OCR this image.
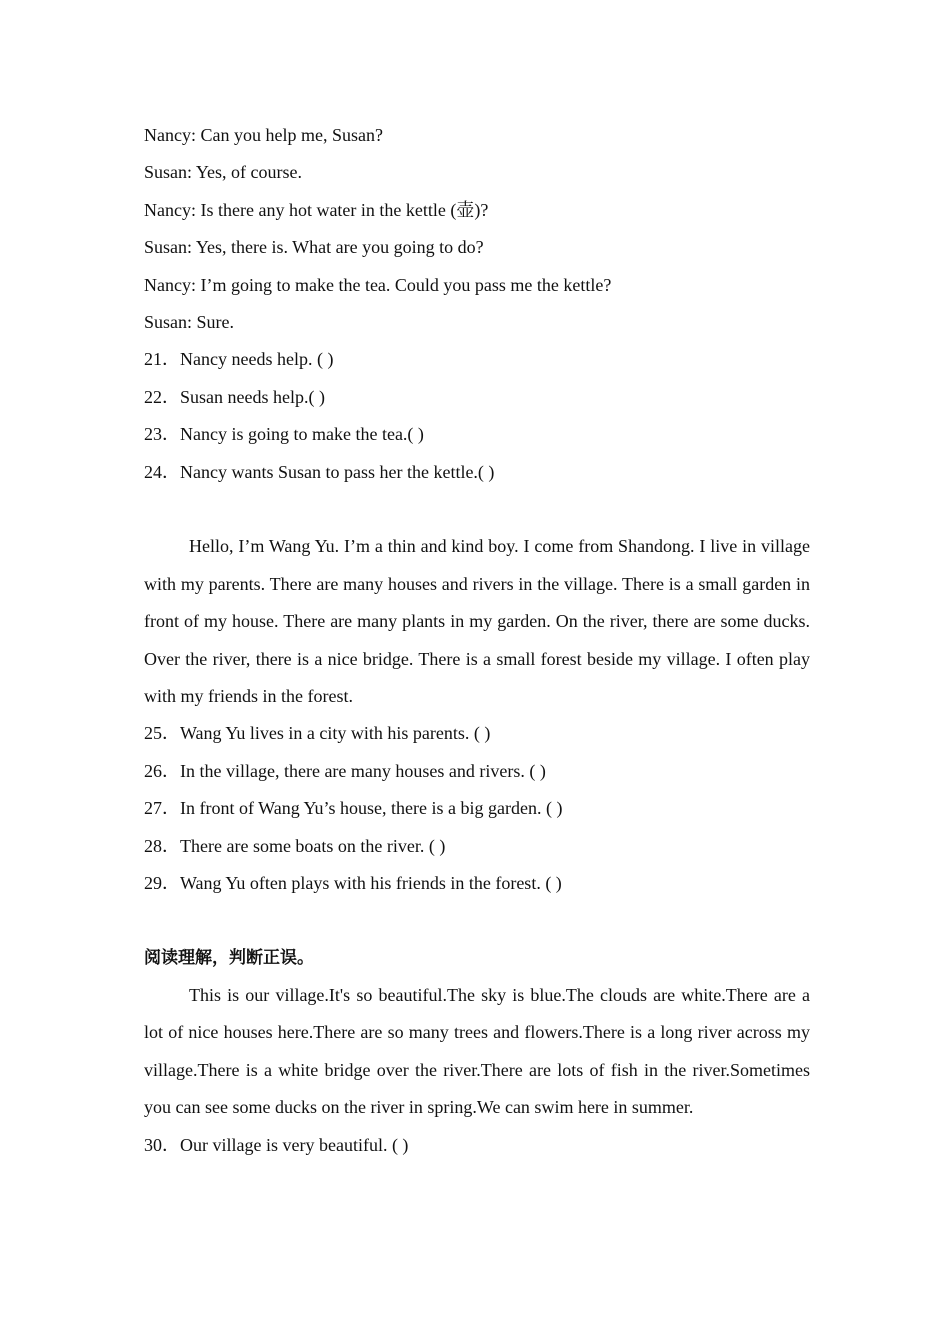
Nancy: Can you help me, Susan?
Susan: Yes, of course.
Nancy: Is there any hot water in the kettle (壶)?
Susan: Yes, there is. What are you going to do?
Nancy: I’m going to make the tea. Could you pass me the kettle?
Susan: Sure.
21．Nancy needs help. ( )
22．Susan needs help.( )
23．Nancy is going to make the tea.( )
24．Nancy wants Susan to pass her the kettle.( )

Hello, I’m Wang Yu. I’m a thin and kind boy. I come from Shandong. I live in village with my parents. There are many houses and rivers in the village. There is a small garden in front of my house. There are many plants in my garden. On the river, there are some ducks. Over the river, there is a nice bridge. There is a small forest beside my village. I often play with my friends in the forest.

25．Wang Yu lives in a city with his parents. ( )
26．In the village, there are many houses and rivers. ( )
27．In front of Wang Yu’s house, there is a big garden. ( )
28．There are some boats on the river. ( )
29．Wang Yu often plays with his friends in the forest. ( )
阅读理解，判断正误。

This is our village.It's so beautiful.The sky is blue.The clouds are white.There are a lot of nice houses here.There are so many trees and flowers.There is a long river across my village.There is a white bridge over the river.There are lots of fish in the river.Sometimes you can see some ducks on the river in spring.We can swim here in summer.

30．Our village is very beautiful. ( )
